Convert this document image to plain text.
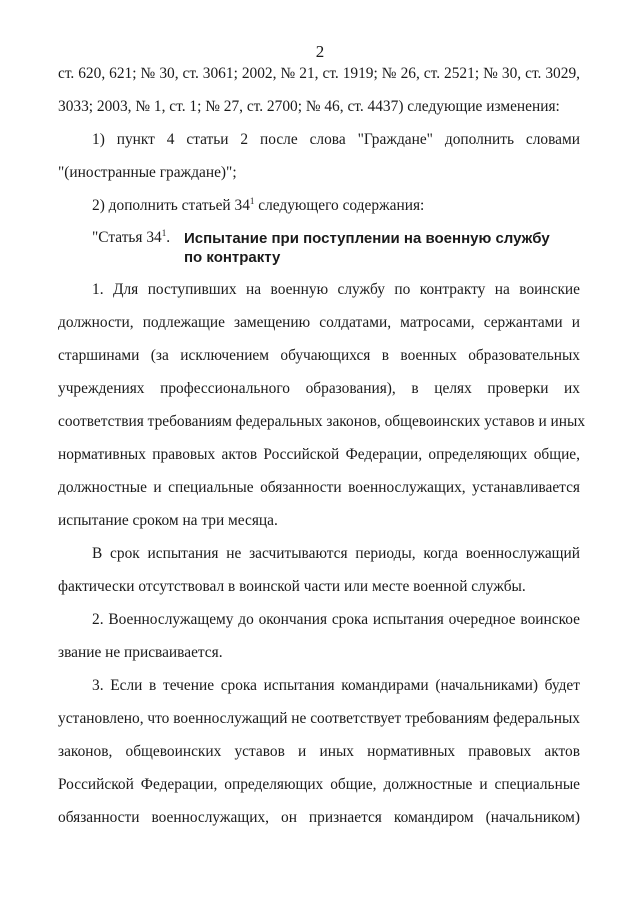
2
ст. 620, 621; № 30, ст. 3061; 2002, № 21, ст. 1919; № 26, ст. 2521; № 30, ст. 3029,
3033; 2003, № 1, ст. 1; № 27, ст. 2700; № 46, ст. 4437) следующие изменения:
1) пункт 4 статьи 2 после слова "Граждане" дополнить словами
"(иностранные граждане)";
2) дополнить статьей $34^1$ следующего содержания:
"Статья $34^1$. Испытание при поступлении на военную службу
по контракту
1. Для поступивших на военную службу по контракту на воинские
должности, подлежащие замещению солдатами, матросами, сержантами и
старшинами (за исключением обучающихся в военных образовательных
учреждениях профессионального образования), в целях проверки их
соответствия требованиям федеральных законов, общевоинских уставов и иных
нормативных правовых актов Российской Федерации, определяющих общие,
должностные и специальные обязанности военнослужащих, устанавливается
испытание сроком на три месяца.
В срок испытания не засчитываются периоды, когда военнослужащий
фактически отсутствовал в воинской части или месте военной службы.
2. Военнослужащему до окончания срока испытания очередное воинское
звание не присваивается.
3. Если в течение срока испытания командирами (начальниками) будет
установлено, что военнослужащий не соответствует требованиям федеральных
законов, общевоинских уставов и иных нормативных правовых актов
Российской Федерации, определяющих общие, должностные и специальные
обязанности военнослужащих, он признается командиром (начальником)
